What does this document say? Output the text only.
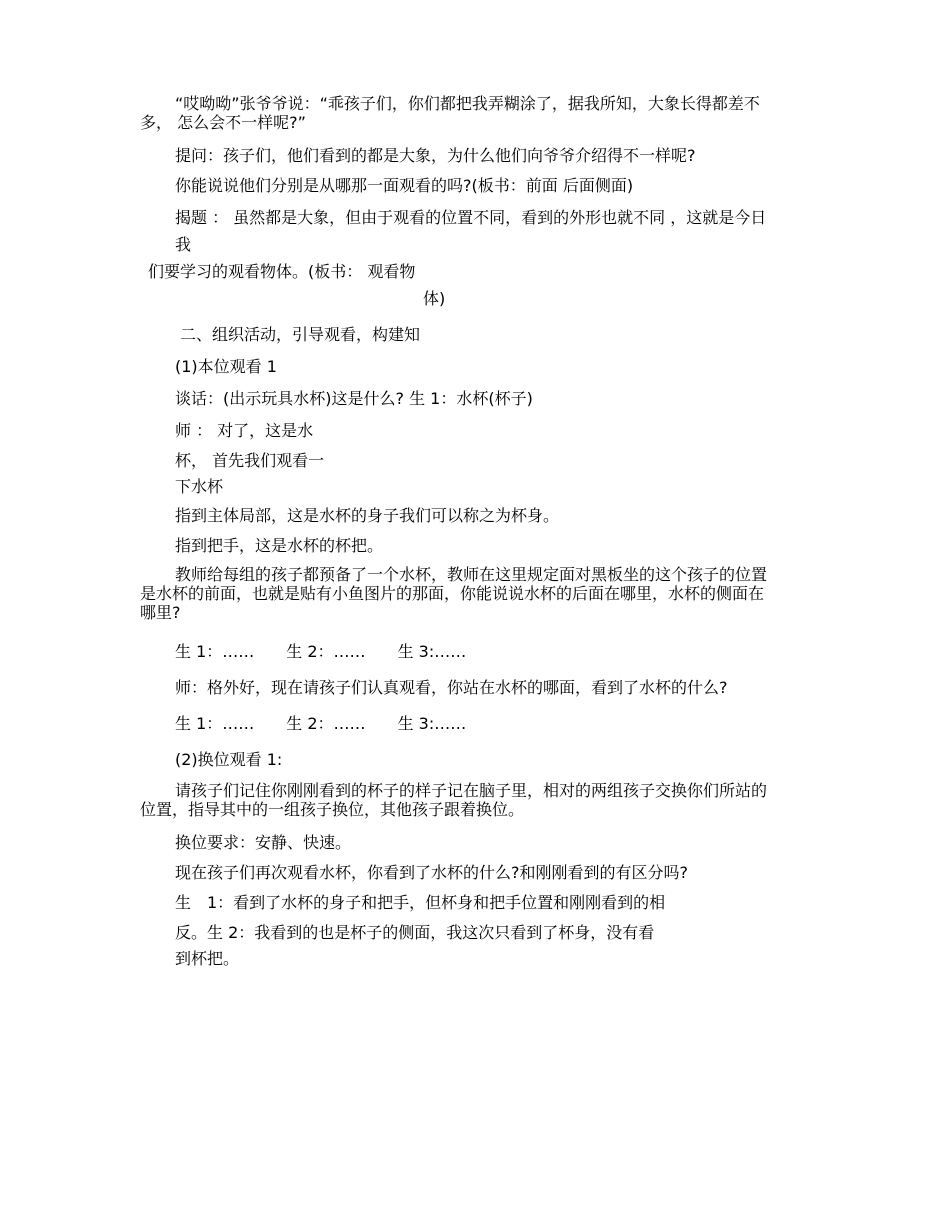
“哎呦呦”张爷爷说：“乖孩子们，你们都把我弄糊涂了，据我所知，大象长得都差不

多， 怎么会不一样呢?”

提问：孩子们，他们看到的都是大象，为什么他们向爷爷介绍得不一样呢?

你能说说他们分别是从哪那一面观看的吗?(板书：前面 后面侧面)

揭题 ： 虽然都是大象，但由于观看的位置不同，看到的外形也就不同 ，这就是今日

我

们要学习的观看物体。(板书： 观看物

体)

二、组织活动，引导观看，构建知

(1)本位观看 1

谈话：(出示玩具水杯)这是什么? 生 1：水杯(杯子)

师 ： 对了，这是水

杯， 首先我们观看一

下水杯

指到主体局部，这是水杯的身子我们可以称之为杯身。

指到把手，这是水杯的杯把。

教师给每组的孩子都预备了一个水杯，教师在这里规定面对黑板坐的这个孩子的位置

是水杯的前面，也就是贴有小鱼图片的那面，你能说说水杯的后面在哪里，水杯的侧面在

哪里?

生 1：…… 生 2：…… 生 3:……

师：格外好，现在请孩子们认真观看，你站在水杯的哪面，看到了水杯的什么?

生 1：…… 生 2：…… 生 3:……

(2)换位观看 1:

请孩子们记住你刚刚看到的杯子的样子记在脑子里，相对的两组孩子交换你们所站的

位置，指导其中的一组孩子换位，其他孩子跟着换位。

换位要求：安静、快速。

现在孩子们再次观看水杯，你看到了水杯的什么?和刚刚看到的有区分吗?

生　1：看到了水杯的身子和把手，但杯身和把手位置和刚刚看到的相

反。生 2：我看到的也是杯子的侧面，我这次只看到了杯身，没有看

到杯把。
